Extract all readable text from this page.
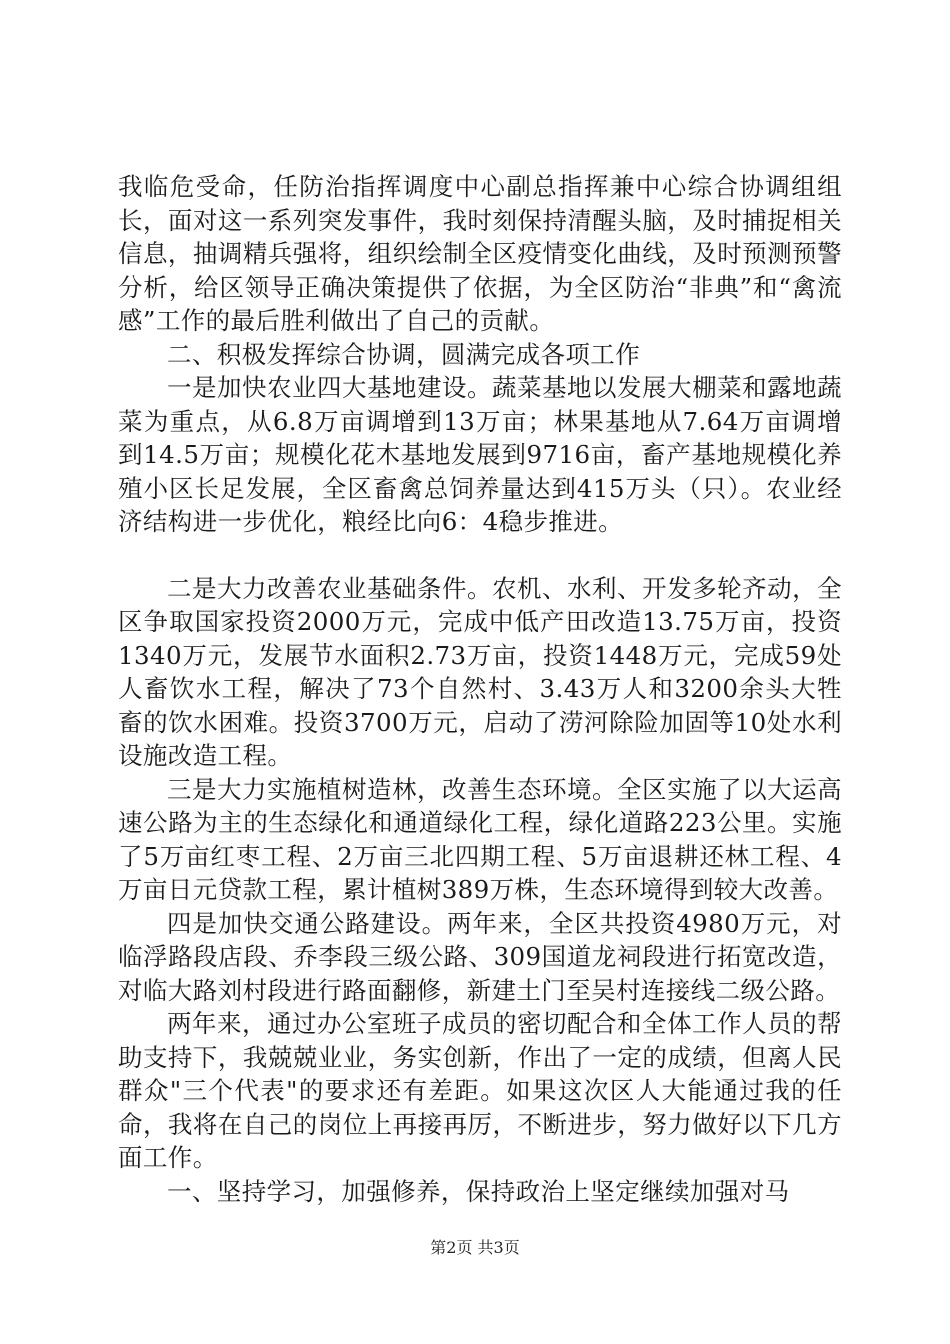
我临危受命，任防治指挥调度中心副总指挥兼中心综合协调组组长，面对这一系列突发事件，我时刻保持清醒头脑，及时捕捉相关信息，抽调精兵强将，组织绘制全区疫情变化曲线，及时预测预警分析，给区领导正确决策提供了依据，为全区防治“非典”和“禽流感”工作的最后胜利做出了自己的贡献。

二、积极发挥综合协调，圆满完成各项工作

一是加快农业四大基地建设。蔬菜基地以发展大棚菜和露地蔬菜为重点，从6.8万亩调增到13万亩；林果基地从7.64万亩调增到14.5万亩；规模化花木基地发展到9716亩，畜产基地规模化养殖小区长足发展，全区畜禽总饲养量达到415万头（只）。农业经济结构进一步优化，粮经比向6：4稳步推进。

二是大力改善农业基础条件。农机、水利、开发多轮齐动，全区争取国家投资2000万元，完成中低产田改造13.75万亩，投资1340万元，发展节水面积2.73万亩，投资1448万元，完成59处人畜饮水工程，解决了73个自然村、3.43万人和3200余头大牲畜的饮水困难。投资3700万元，启动了涝河除险加固等10处水利设施改造工程。

三是大力实施植树造林，改善生态环境。全区实施了以大运高速公路为主的生态绿化和通道绿化工程，绿化道路223公里。实施了5万亩红枣工程、2万亩三北四期工程、5万亩退耕还林工程、4万亩日元贷款工程，累计植树389万株，生态环境得到较大改善。

四是加快交通公路建设。两年来，全区共投资4980万元，对临浮路段店段、乔李段三级公路、309国道龙祠段进行拓宽改造，对临大路刘村段进行路面翻修，新建土门至吴村连接线二级公路。

两年来，通过办公室班子成员的密切配合和全体工作人员的帮助支持下，我兢兢业业，务实创新，作出了一定的成绩，但离人民群众"三个代表"的要求还有差距。如果这次区人大能通过我的任命，我将在自己的岗位上再接再厉，不断进步，努力做好以下几方面工作。

一、坚持学习，加强修养，保持政治上坚定继续加强对马

第2页 共3页
